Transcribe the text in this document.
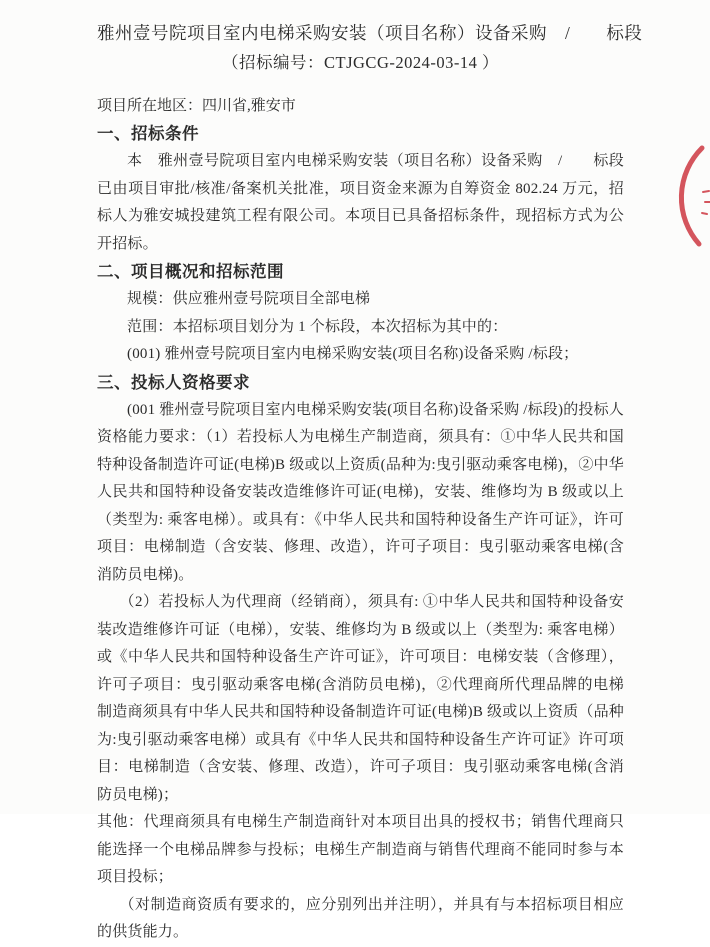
雅州壹号院项目室内电梯采购安装（项目名称）设备采购　/　　标段
（招标编号：CTJGCG-2024-03-14 ）
项目所在地区：四川省,雅安市
一、招标条件

本　雅州壹号院项目室内电梯采购安装（项目名称）设备采购　/　　标段已由项目审批/核准/备案机关批准，项目资金来源为自筹资金 802.24 万元，招标人为雅安城投建筑工程有限公司。本项目已具备招标条件，现招标方式为公开招标。

二、项目概况和招标范围

规模：供应雅州壹号院项目全部电梯

范围：本招标项目划分为 1 个标段，本次招标为其中的：

(001) 雅州壹号院项目室内电梯采购安装(项目名称)设备采购 /标段；

三、投标人资格要求

(001 雅州壹号院项目室内电梯采购安装(项目名称)设备采购 /标段)的投标人资格能力要求：（1）若投标人为电梯生产制造商，须具有：①中华人民共和国特种设备制造许可证(电梯)B 级或以上资质(品种为:曳引驱动乘客电梯)，②中华人民共和国特种设备安装改造维修许可证(电梯)，安装、维修均为 B 级或以上（类型为: 乘客电梯）。或具有：《中华人民共和国特种设备生产许可证》，许可项目：电梯制造（含安装、修理、改造），许可子项目：曳引驱动乘客电梯(含消防员电梯)。

（2）若投标人为代理商（经销商），须具有: ①中华人民共和国特种设备安装改造维修许可证（电梯），安装、维修均为 B 级或以上（类型为: 乘客电梯）或《中华人民共和国特种设备生产许可证》，许可项目：电梯安装（含修理），许可子项目：曳引驱动乘客电梯(含消防员电梯)，②代理商所代理品牌的电梯制造商须具有中华人民共和国特种设备制造许可证(电梯)B 级或以上资质（品种为:曳引驱动乘客电梯）或具有《中华人民共和国特种设备生产许可证》许可项目：电梯制造（含安装、修理、改造），许可子项目：曳引驱动乘客电梯(含消防员电梯)；

其他：代理商须具有电梯生产制造商针对本项目出具的授权书；销售代理商只能选择一个电梯品牌参与投标；电梯生产制造商与销售代理商不能同时参与本项目投标；

（对制造商资质有要求的，应分别列出并注明），并具有与本招标项目相应的供货能力。
